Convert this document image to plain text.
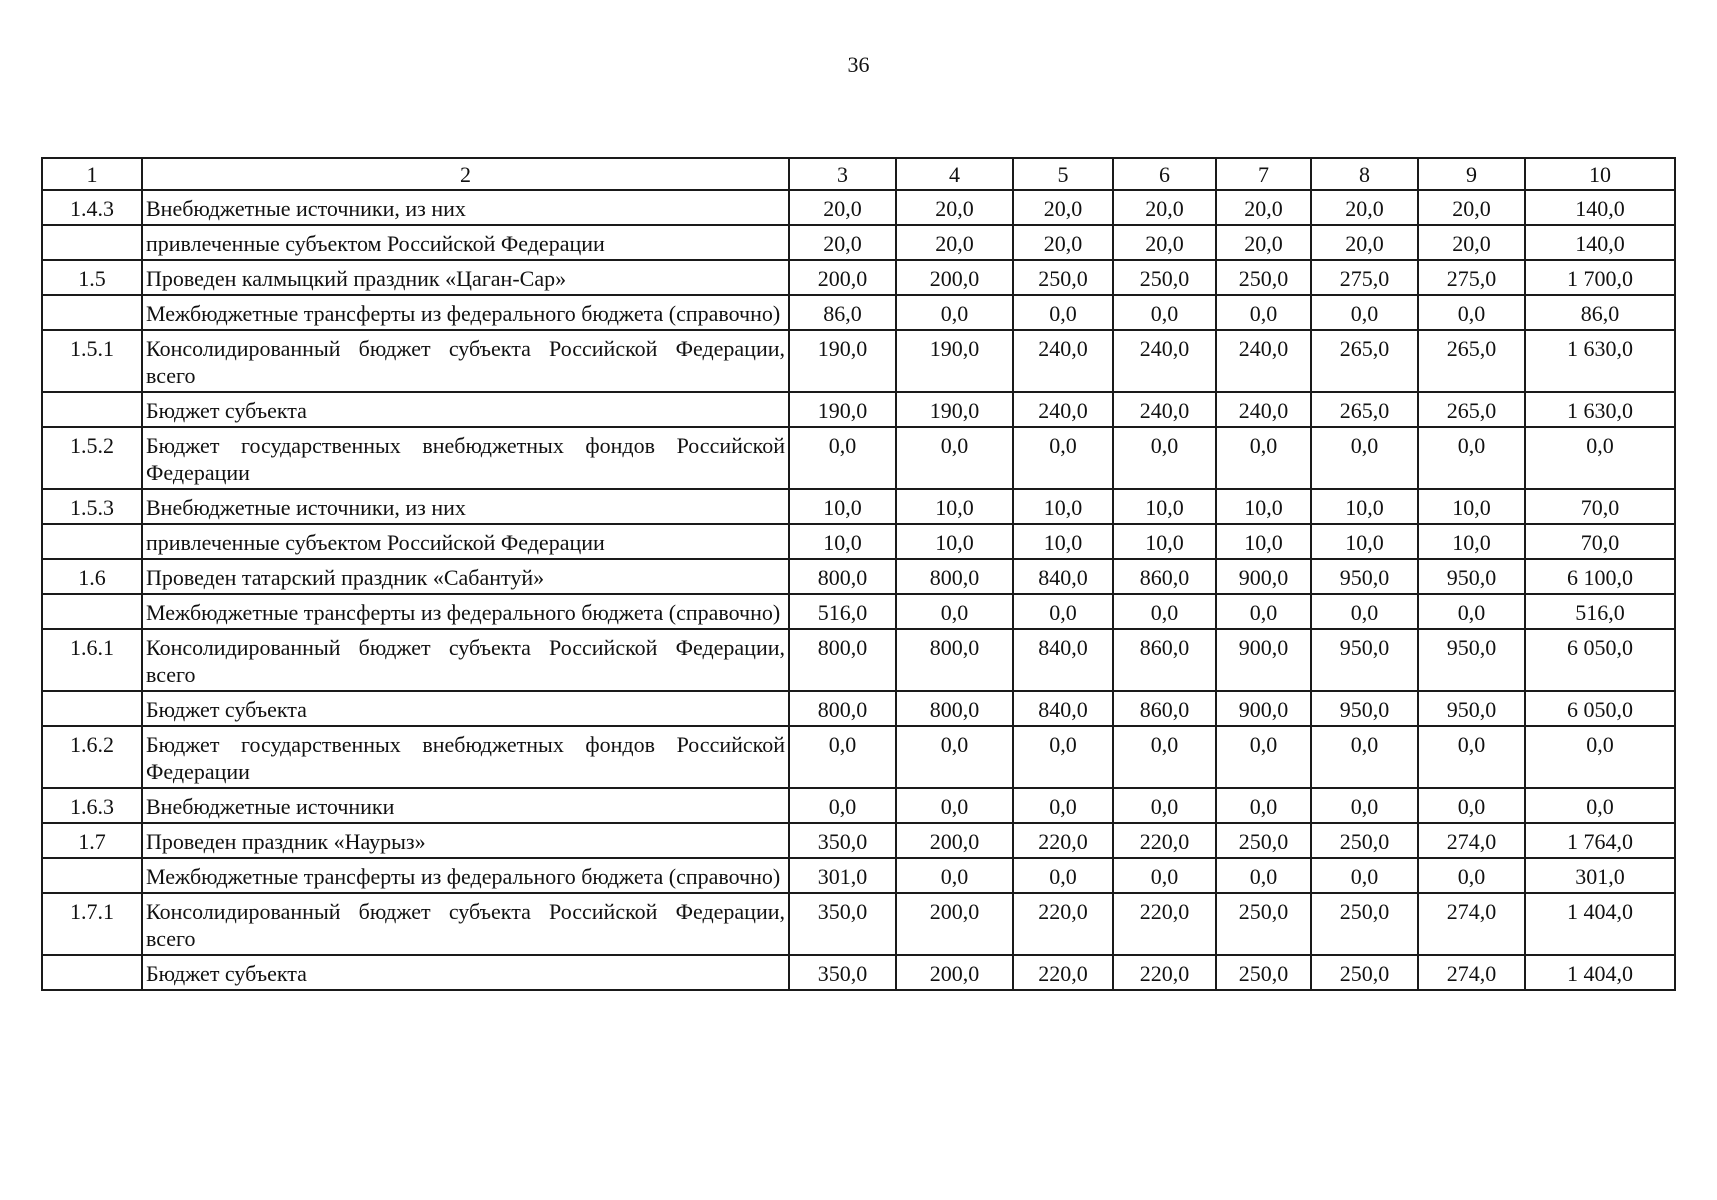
36
1	2	3	4	5	6	7	8	9	10
1.4.3	Внебюджетные источники, из них	20,0	20,0	20,0	20,0	20,0	20,0	20,0	140,0
	привлеченные субъектом Российской Федерации	20,0	20,0	20,0	20,0	20,0	20,0	20,0	140,0
1.5	Проведен калмыцкий праздник «Цаган-Сар»	200,0	200,0	250,0	250,0	250,0	275,0	275,0	1 700,0
	Межбюджетные трансферты из федерального бюджета (справочно)	86,0	0,0	0,0	0,0	0,0	0,0	0,0	86,0
1.5.1	Консолидированный бюджет субъекта Российской Федерации, всего	190,0	190,0	240,0	240,0	240,0	265,0	265,0	1 630,0
	Бюджет субъекта	190,0	190,0	240,0	240,0	240,0	265,0	265,0	1 630,0
1.5.2	Бюджет государственных внебюджетных фондов Российской Федерации	0,0	0,0	0,0	0,0	0,0	0,0	0,0	0,0
1.5.3	Внебюджетные источники, из них	10,0	10,0	10,0	10,0	10,0	10,0	10,0	70,0
	привлеченные субъектом Российской Федерации	10,0	10,0	10,0	10,0	10,0	10,0	10,0	70,0
1.6	Проведен татарский праздник «Сабантуй»	800,0	800,0	840,0	860,0	900,0	950,0	950,0	6 100,0
	Межбюджетные трансферты из федерального бюджета (справочно)	516,0	0,0	0,0	0,0	0,0	0,0	0,0	516,0
1.6.1	Консолидированный бюджет субъекта Российской Федерации, всего	800,0	800,0	840,0	860,0	900,0	950,0	950,0	6 050,0
	Бюджет субъекта	800,0	800,0	840,0	860,0	900,0	950,0	950,0	6 050,0
1.6.2	Бюджет государственных внебюджетных фондов Российской Федерации	0,0	0,0	0,0	0,0	0,0	0,0	0,0	0,0
1.6.3	Внебюджетные источники	0,0	0,0	0,0	0,0	0,0	0,0	0,0	0,0
1.7	Проведен праздник «Наурыз»	350,0	200,0	220,0	220,0	250,0	250,0	274,0	1 764,0
	Межбюджетные трансферты из федерального бюджета (справочно)	301,0	0,0	0,0	0,0	0,0	0,0	0,0	301,0
1.7.1	Консолидированный бюджет субъекта Российской Федерации, всего	350,0	200,0	220,0	220,0	250,0	250,0	274,0	1 404,0
	Бюджет субъекта	350,0	200,0	220,0	220,0	250,0	250,0	274,0	1 404,0
